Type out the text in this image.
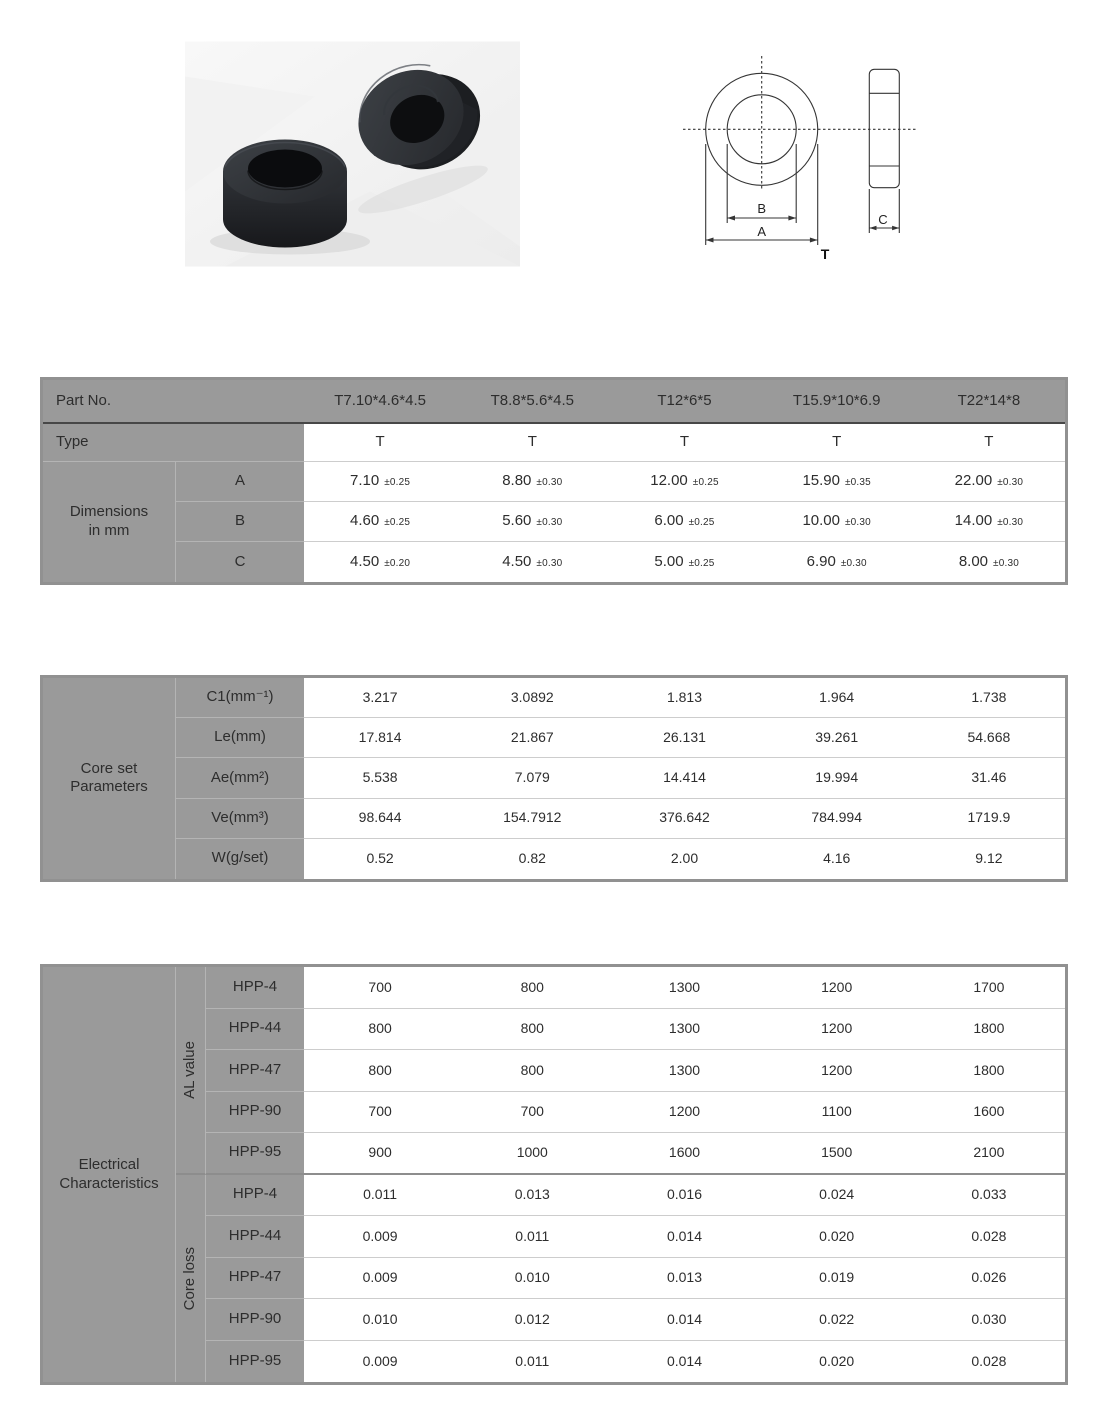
B
A
C
T
Part No.	T7.10*4.6*4.5	T8.8*5.6*4.5	T12*6*5	T15.9*10*6.9	T22*14*8
Type	T	T	T	T	T
Dimensions in mm
A	7.10 ±0.25	8.80 ±0.30	12.00 ±0.25	15.90 ±0.35	22.00 ±0.30
B	4.60 ±0.25	5.60 ±0.30	6.00 ±0.25	10.00 ±0.30	14.00 ±0.30
C	4.50 ±0.20	4.50 ±0.30	5.00 ±0.25	6.90 ±0.30	8.00 ±0.30
Core set Parameters
C1(mm⁻¹)	3.217	3.0892	1.813	1.964	1.738
Le(mm)	17.814	21.867	26.131	39.261	54.668
Ae(mm²)	5.538	7.079	14.414	19.994	31.46
Ve(mm³)	98.644	154.7912	376.642	784.994	1719.9
W(g/set)	0.52	0.82	2.00	4.16	9.12
Electrical Characteristics
AL value
Core loss
HPP-4	700	800	1300	1200	1700
HPP-44	800	800	1300	1200	1800
HPP-47	800	800	1300	1200	1800
HPP-90	700	700	1200	1100	1600
HPP-95	900	1000	1600	1500	2100
HPP-4	0.011	0.013	0.016	0.024	0.033
HPP-44	0.009	0.011	0.014	0.020	0.028
HPP-47	0.009	0.010	0.013	0.019	0.026
HPP-90	0.010	0.012	0.014	0.022	0.030
HPP-95	0.009	0.011	0.014	0.020	0.028
